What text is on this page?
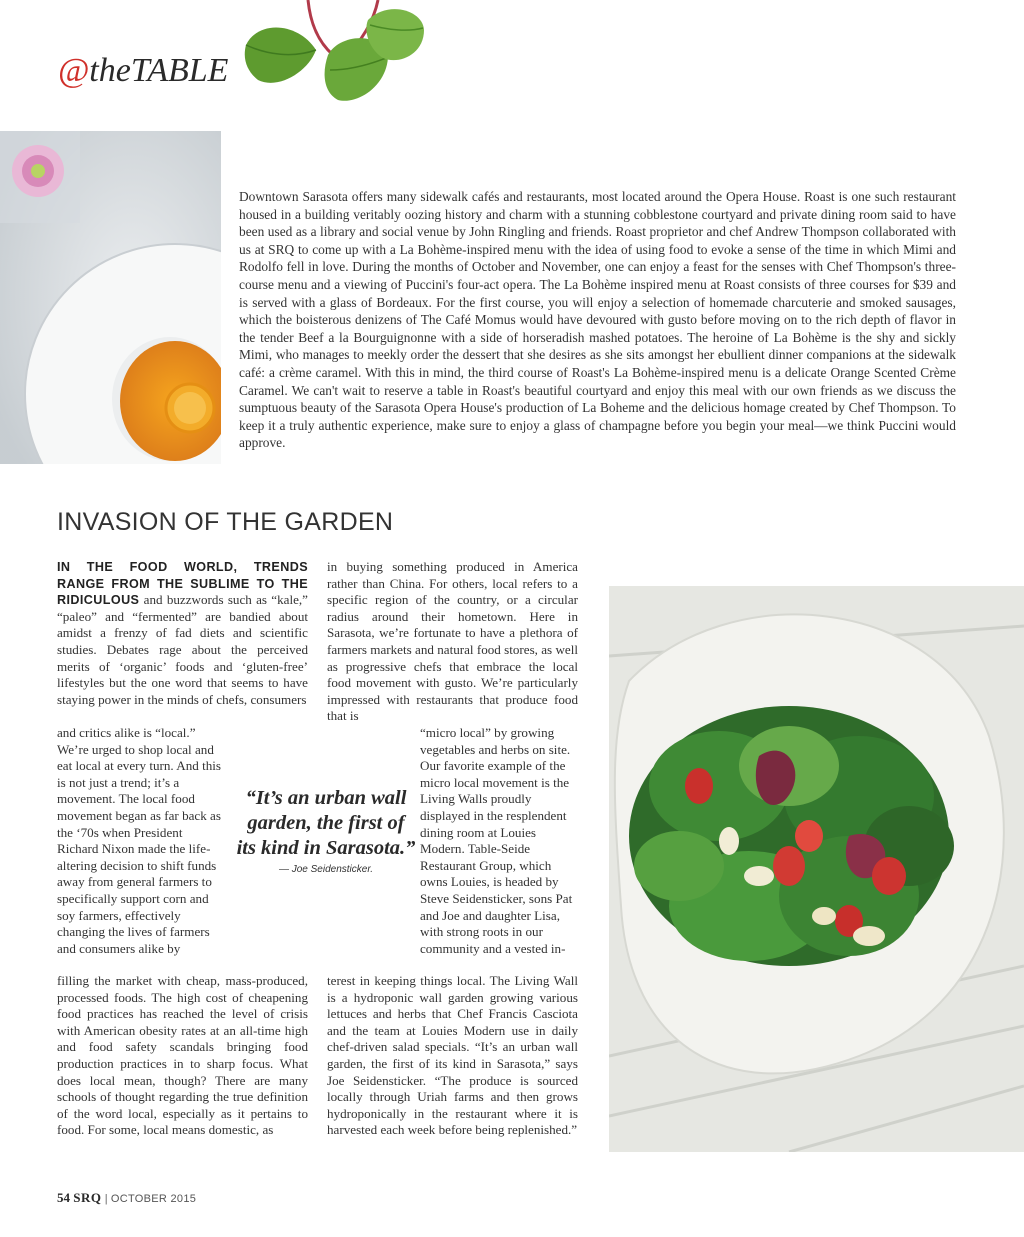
@theTABLE

Downtown Sarasota offers many sidewalk cafés and restaurants, most located around the Opera House. Roast is one such restaurant housed in a building veritably oozing history and charm with a stunning cobblestone courtyard and private dining room said to have been used as a library and social venue by John Ringling and friends. Roast proprietor and chef Andrew Thompson collaborated with us at SRQ to come up with a La Bohème-inspired menu with the idea of using food to evoke a sense of the time in which Mimi and Rodolfo fell in love. During the months of October and November, one can enjoy a feast for the senses with Chef Thompson's three-course menu and a viewing of Puccini's four-act opera. The La Bohème inspired menu at Roast consists of three courses for $39 and is served with a glass of Bordeaux. For the first course, you will enjoy a selection of homemade charcuterie and smoked sausages, which the boisterous denizens of The Café Momus would have devoured with gusto before moving on to the rich depth of flavor in the tender Beef a la Bourguignonne with a side of horseradish mashed potatoes. The heroine of La Bohème is the shy and sickly Mimi, who manages to meekly order the dessert that she desires as she sits amongst her ebullient dinner companions at the sidewalk café: a crème caramel. With this in mind, the third course of Roast's La Bohème-inspired menu is a delicate Orange Scented Crème Caramel. We can't wait to reserve a table in Roast's beautiful courtyard and enjoy this meal with our own friends as we discuss the sumptuous beauty of the Sarasota Opera House's production of La Boheme and the delicious homage created by Chef Thompson. To keep it a truly authentic experience, make sure to enjoy a glass of champagne before you begin your meal—we think Puccini would approve.

INVASION OF THE GARDEN

IN THE FOOD WORLD, TRENDS RANGE FROM THE SUBLIME TO THE RIDICULOUS and buzzwords such as “kale,” “paleo” and “fermented” are bandied about amidst a frenzy of fad diets and scientific studies. Debates rage about the perceived merits of ‘organic’ foods and ‘gluten-free’ lifestyles but the one word that seems to have staying power in the minds of chefs, consumers

and critics alike is “local.” We’re urged to shop local and eat local at every turn. And this is not just a trend; it’s a movement. The local food movement began as far back as the ‘70s when President Richard Nixon made the life-altering decision to shift funds away from general farmers to specifically support corn and soy farmers, effectively changing the lives of farmers and consumers alike by

filling the market with cheap, mass-produced, processed foods. The high cost of cheapening food practices has reached the level of crisis with American obesity rates at an all-time high and food safety scandals bringing food production practices in to sharp focus. What does local mean, though? There are many schools of thought regarding the true definition of the word local, especially as it pertains to food. For some, local means domestic, as

“It’s an urban wall garden, the first of its kind in Sarasota.”
— Joe Seidensticker.

in buying something produced in America rather than China. For others, local refers to a specific region of the country, or a circular radius around their hometown. Here in Sarasota, we’re fortunate to have a plethora of farmers markets and natural food stores, as well as progressive chefs that embrace the local food movement with gusto. We’re particularly impressed with restaurants that produce food that is

“micro local” by growing vegetables and herbs on site. Our favorite example of the micro local movement is the Living Walls proudly displayed in the resplendent dining room at Louies Modern. Table-Seide Restaurant Group, which owns Louies, is headed by Steve Seidensticker, sons Pat and Joe and daughter Lisa, with strong roots in our community and a vested in-

terest in keeping things local. The Living Wall is a hydroponic wall garden growing various lettuces and herbs that Chef Francis Casciota and the team at Louies Modern use in daily chef-driven salad specials. “It’s an urban wall garden, the first of its kind in Sarasota,” says Joe Seidensticker. “The produce is sourced locally through Uriah farms and then grows hydroponically in the restaurant where it is harvested each week before being replenished.”

54 SRQ | OCTOBER 2015
